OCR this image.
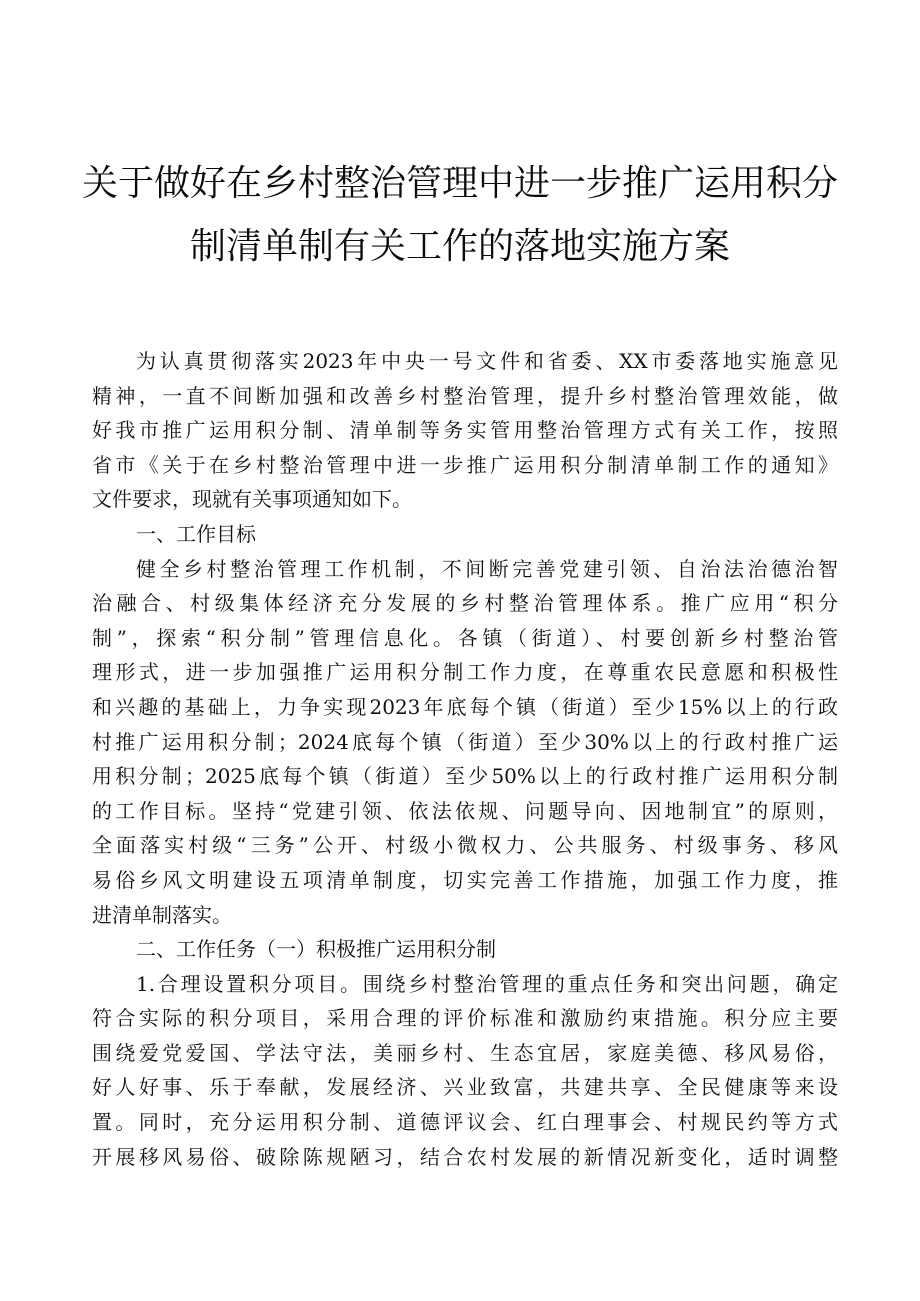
关于做好在乡村整治管理中进一步推广运用积分
制清单制有关工作的落地实施方案
为认真贯彻落实2023年中央一号文件和省委、XX市委落地实施意见
精神，一直不间断加强和改善乡村整治管理，提升乡村整治管理效能，做
好我市推广运用积分制、清单制等务实管用整治管理方式有关工作，按照
省市《关于在乡村整治管理中进一步推广运用积分制清单制工作的通知》
文件要求，现就有关事项通知如下。
一、工作目标
健全乡村整治管理工作机制，不间断完善党建引领、自治法治德治智
治融合、村级集体经济充分发展的乡村整治管理体系。推广应用“积分
制”，探索“积分制”管理信息化。各镇（街道）、村要创新乡村整治管
理形式，进一步加强推广运用积分制工作力度，在尊重农民意愿和积极性
和兴趣的基础上，力争实现2023年底每个镇（街道）至少15%以上的行政
村推广运用积分制；2024底每个镇（街道）至少30%以上的行政村推广运
用积分制；2025底每个镇（街道）至少50%以上的行政村推广运用积分制
的工作目标。坚持“党建引领、依法依规、问题导向、因地制宜”的原则，
全面落实村级“三务”公开、村级小微权力、公共服务、村级事务、移风
易俗乡风文明建设五项清单制度，切实完善工作措施，加强工作力度，推
进清单制落实。
二、工作任务（一）积极推广运用积分制
1.合理设置积分项目。围绕乡村整治管理的重点任务和突出问题，确定
符合实际的积分项目，采用合理的评价标准和激励约束措施。积分应主要
围绕爱党爱国、学法守法，美丽乡村、生态宜居，家庭美德、移风易俗，
好人好事、乐于奉献，发展经济、兴业致富，共建共享、全民健康等来设
置。同时，充分运用积分制、道德评议会、红白理事会、村规民约等方式
开展移风易俗、破除陈规陋习，结合农村发展的新情况新变化，适时调整
